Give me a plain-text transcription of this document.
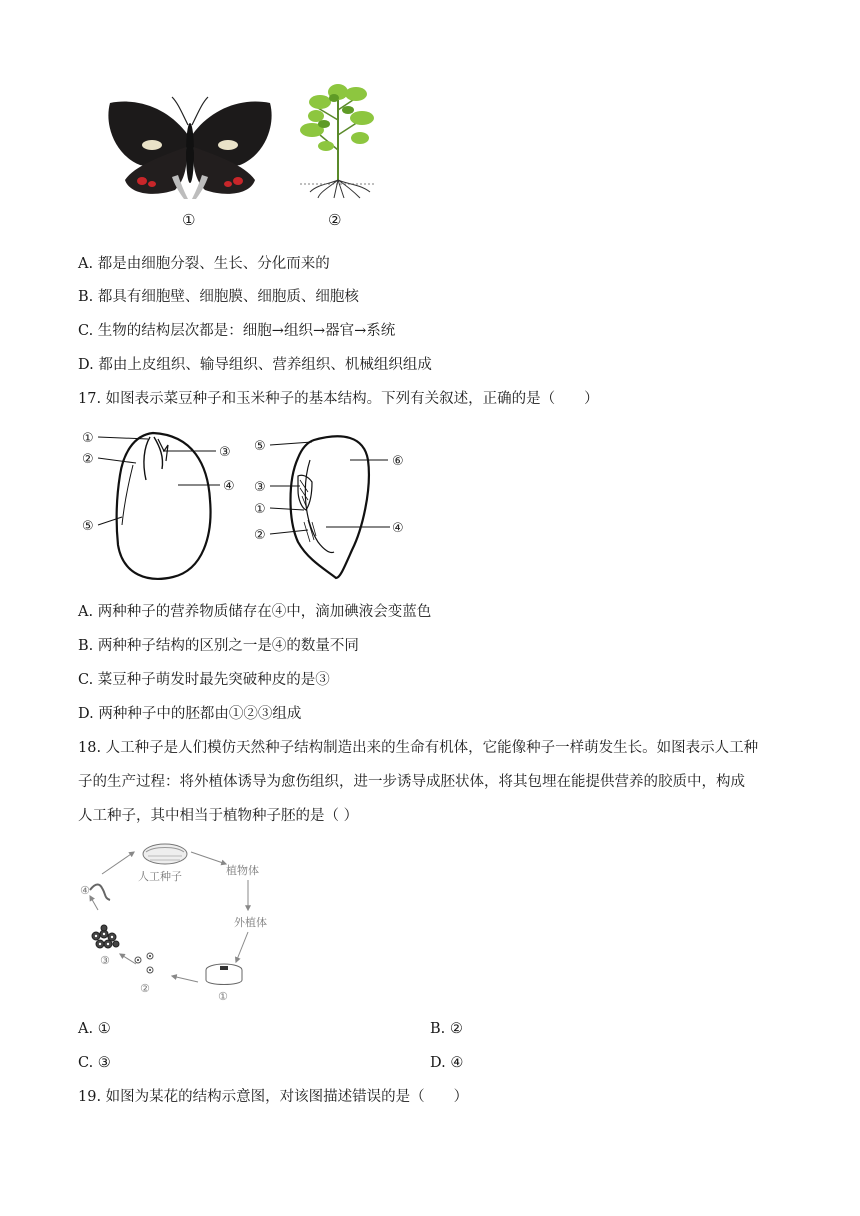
①	②
A. 都是由细胞分裂、生长、分化而来的
B. 都具有细胞壁、细胞膜、细胞质、细胞核
C. 生物的结构层次都是：细胞→组织→器官→系统
D. 都由上皮组织、输导组织、营养组织、机械组织组成
17. 如图表示菜豆种子和玉米种子的基本结构。下列有关叙述，正确的是（　　）
①
②	③
④
⑤
⑤
⑥
③
①
②	④
A. 两种种子的营养物质储存在④中，滴加碘液会变蓝色
B. 两种种子结构的区别之一是④的数量不同
C. 菜豆种子萌发时最先突破种皮的是③
D. 两种种子中的胚都由①②③组成
18. 人工种子是人们模仿天然种子结构制造出来的生命有机体，它能像种子一样萌发生长。如图表示人工种
子的生产过程：将外植体诱导为愈伤组织，进一步诱导成胚状体，将其包埋在能提供营养的胶质中，构成
人工种子，其中相当于植物种子胚的是（ ）
人工种子	植物体
外植体
①
②
③
④
A. ①	B. ②
C. ③	D. ④
19. 如图为某花的结构示意图，对该图描述错误的是（　　）
